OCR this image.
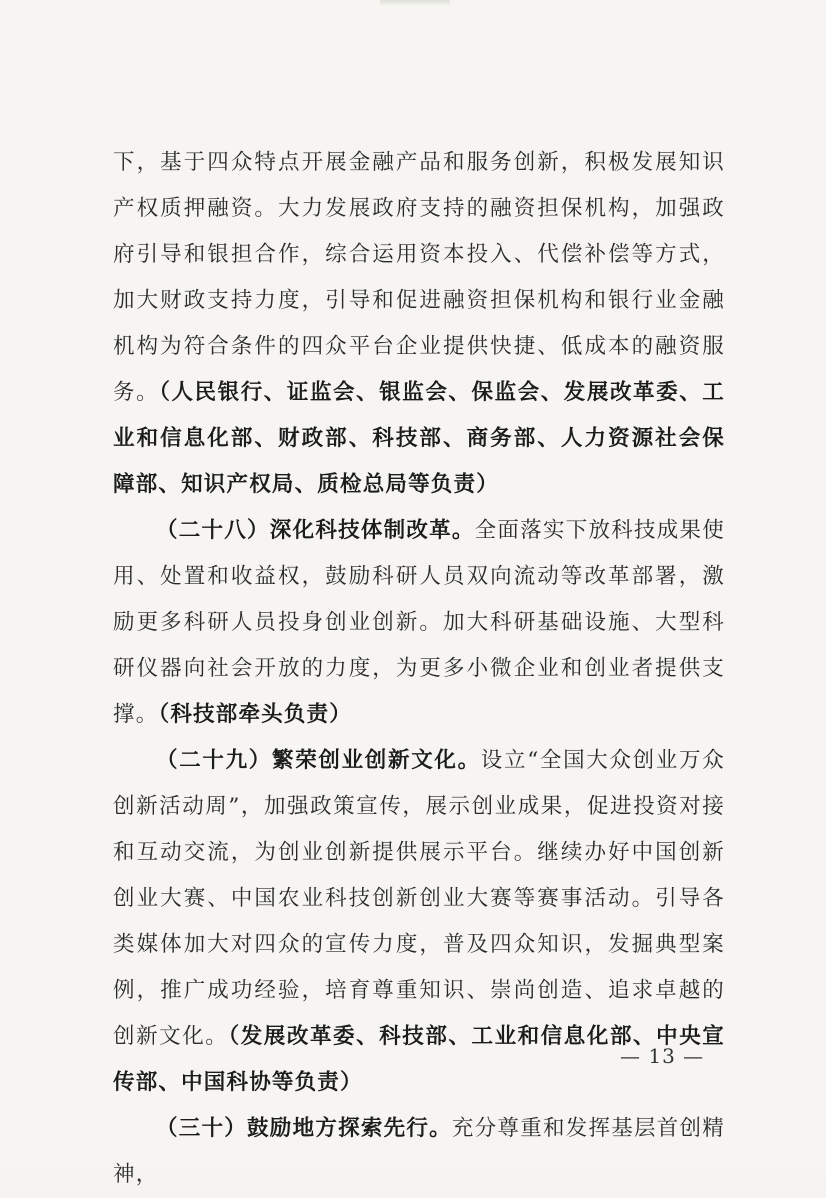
下，基于四众特点开展金融产品和服务创新，积极发展知识产权质押融资。大力发展政府支持的融资担保机构，加强政府引导和银担合作，综合运用资本投入、代偿补偿等方式，加大财政支持力度，引导和促进融资担保机构和银行业金融机构为符合条件的四众平台企业提供快捷、低成本的融资服务。（人民银行、证监会、银监会、保监会、发展改革委、工业和信息化部、财政部、科技部、商务部、人力资源社会保障部、知识产权局、质检总局等负责）

（二十八）深化科技体制改革。全面落实下放科技成果使用、处置和收益权，鼓励科研人员双向流动等改革部署，激励更多科研人员投身创业创新。加大科研基础设施、大型科研仪器向社会开放的力度，为更多小微企业和创业者提供支撑。（科技部牵头负责）

（二十九）繁荣创业创新文化。设立“全国大众创业万众创新活动周”，加强政策宣传，展示创业成果，促进投资对接和互动交流，为创业创新提供展示平台。继续办好中国创新创业大赛、中国农业科技创新创业大赛等赛事活动。引导各类媒体加大对四众的宣传力度，普及四众知识，发掘典型案例，推广成功经验，培育尊重知识、崇尚创造、追求卓越的创新文化。（发展改革委、科技部、工业和信息化部、中央宣传部、中国科协等负责）

（三十）鼓励地方探索先行。充分尊重和发挥基层首创精神，

— 13 —
